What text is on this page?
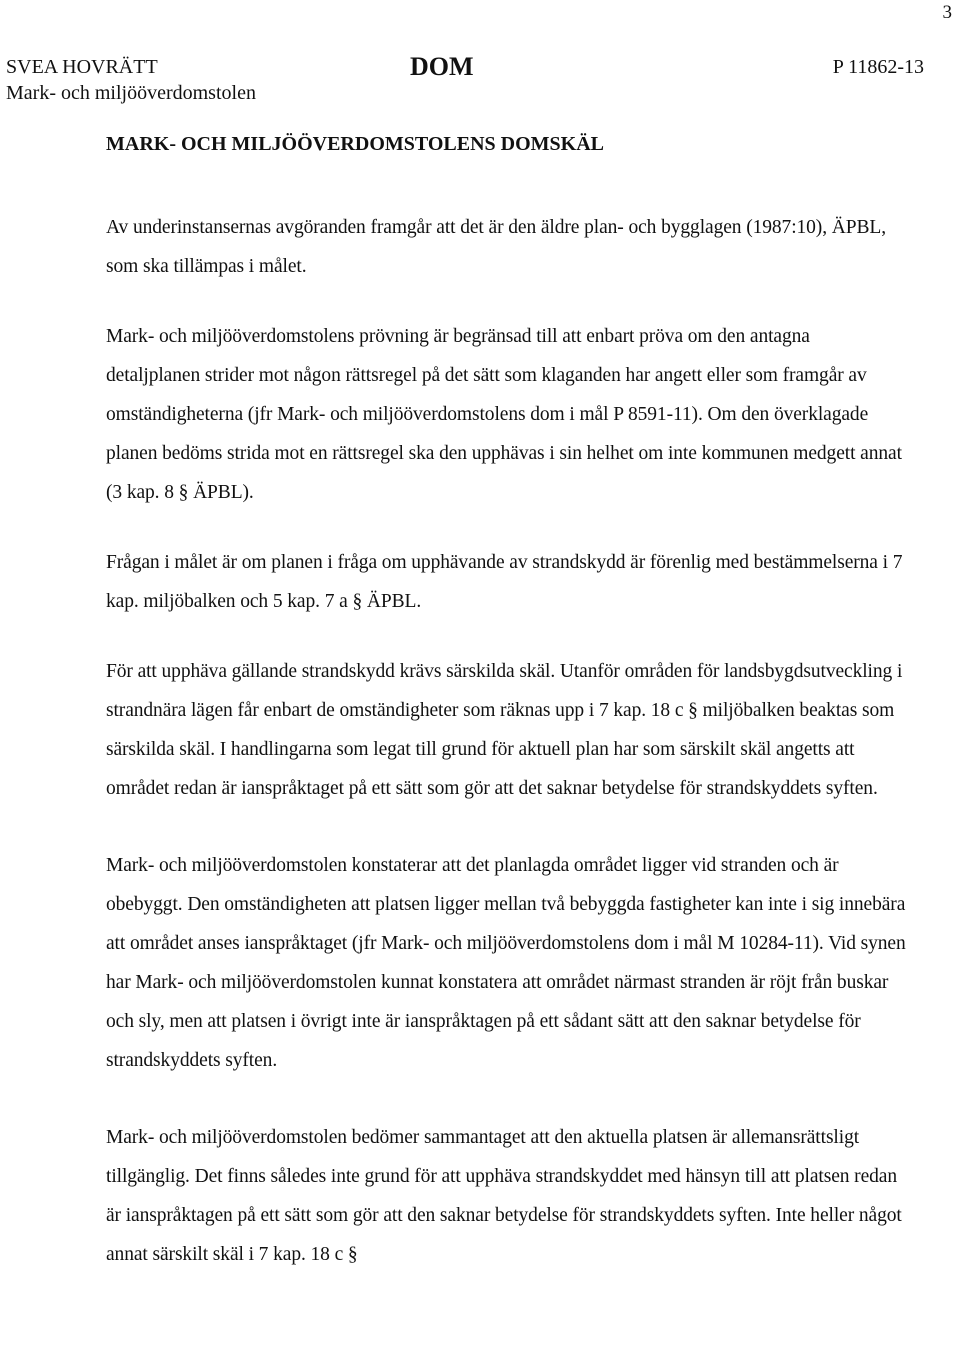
3
SVEA HOVRÄTT
Mark- och miljööverdomstolen
DOM	P 11862-13
MARK- OCH MILJÖÖVERDOMSTOLENS DOMSKÄL

Av underinstansernas avgöranden framgår att det är den äldre plan- och bygglagen (1987:10), ÄPBL, som ska tillämpas i målet.

Mark- och miljööverdomstolens prövning är begränsad till att enbart pröva om den antagna detaljplanen strider mot någon rättsregel på det sätt som klaganden har angett eller som framgår av omständigheterna (jfr Mark- och miljööverdomstolens dom i mål P 8591-11). Om den överklagade planen bedöms strida mot en rättsregel ska den upphävas i sin helhet om inte kommunen medgett annat (3 kap. 8 § ÄPBL).

Frågan i målet är om planen i fråga om upphävande av strandskydd är förenlig med bestämmelserna i 7 kap. miljöbalken och 5 kap. 7 a § ÄPBL.

För att upphäva gällande strandskydd krävs särskilda skäl. Utanför områden för landsbygdsutveckling i strandnära lägen får enbart de omständigheter som räknas upp i 7 kap. 18 c § miljöbalken beaktas som särskilda skäl. I handlingarna som legat till grund för aktuell plan har som särskilt skäl angetts att området redan är ianspråktaget på ett sätt som gör att det saknar betydelse för strandskyddets syften.

Mark- och miljööverdomstolen konstaterar att det planlagda området ligger vid stranden och är obebyggt. Den omständigheten att platsen ligger mellan två bebyggda fastigheter kan inte i sig innebära att området anses ianspråktaget (jfr Mark- och miljööverdomstolens dom i mål M 10284-11). Vid synen har Mark- och miljööverdomstolen kunnat konstatera att området närmast stranden är röjt från buskar och sly, men att platsen i övrigt inte är ianspråktagen på ett sådant sätt att den saknar betydelse för strandskyddets syften.

Mark- och miljööverdomstolen bedömer sammantaget att den aktuella platsen är allemansrättsligt tillgänglig. Det finns således inte grund för att upphäva strandskyddet med hänsyn till att platsen redan är ianspråktagen på ett sätt som gör att den saknar betydelse för strandskyddets syften. Inte heller något annat särskilt skäl i 7 kap. 18 c §
